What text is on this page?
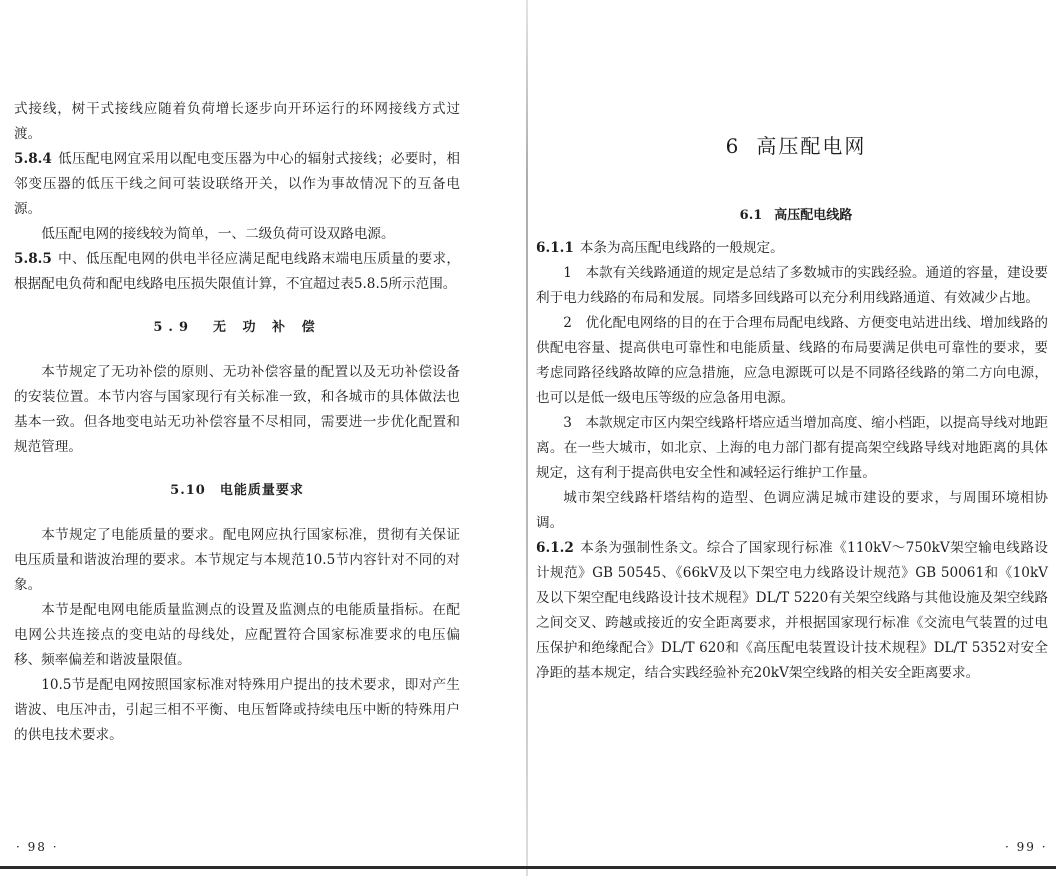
式接线，树干式接线应随着负荷增长逐步向开环运行的环网接线方式过渡。

5.8.4 低压配电网宜采用以配电变压器为中心的辐射式接线；必要时，相邻变压器的低压干线之间可装设联络开关，以作为事故情况下的互备电源。

低压配电网的接线较为简单，一、二级负荷可设双路电源。

5.8.5 中、低压配电网的供电半径应满足配电线路末端电压质量的要求，根据配电负荷和配电线路电压损失限值计算，不宜超过表5.8.5所示范围。

5.9　无 功 补 偿

本节规定了无功补偿的原则、无功补偿容量的配置以及无功补偿设备的安装位置。本节内容与国家现行有关标准一致，和各城市的具体做法也基本一致。但各地变电站无功补偿容量不尽相同，需要进一步优化配置和规范管理。

5.10　电能质量要求

本节规定了电能质量的要求。配电网应执行国家标准，贯彻有关保证电压质量和谐波治理的要求。本节规定与本规范10.5节内容针对不同的对象。

本节是配电网电能质量监测点的设置及监测点的电能质量指标。在配电网公共连接点的变电站的母线处，应配置符合国家标准要求的电压偏移、频率偏差和谐波量限值。

10.5节是配电网按照国家标准对特殊用户提出的技术要求，即对产生谐波、电压冲击，引起三相不平衡、电压暂降或持续电压中断的特殊用户的供电技术要求。

· 98 ·
6 高压配电网
6.1 高压配电线路

6.1.1 本条为高压配电线路的一般规定。

1　本款有关线路通道的规定是总结了多数城市的实践经验。通道的容量，建设要利于电力线路的布局和发展。同塔多回线路可以充分利用线路通道、有效减少占地。

2　优化配电网络的目的在于合理布局配电线路、方便变电站进出线、增加线路的供配电容量、提高供电可靠性和电能质量、线路的布局要满足供电可靠性的要求，要考虑同路径线路故障的应急措施，应急电源既可以是不同路径线路的第二方向电源，也可以是低一级电压等级的应急备用电源。

3　本款规定市区内架空线路杆塔应适当增加高度、缩小档距，以提高导线对地距离。在一些大城市，如北京、上海的电力部门都有提高架空线路导线对地距离的具体规定，这有利于提高供电安全性和减轻运行维护工作量。

城市架空线路杆塔结构的造型、色调应满足城市建设的要求，与周围环境相协调。

6.1.2 本条为强制性条文。综合了国家现行标准《110kV～750kV架空输电线路设计规范》GB 50545、《66kV及以下架空电力线路设计规范》GB 50061和《10kV及以下架空配电线路设计技术规程》DL/T 5220有关架空线路与其他设施及架空线路之间交叉、跨越或接近的安全距离要求，并根据国家现行标准《交流电气装置的过电压保护和绝缘配合》DL/T 620和《高压配电装置设计技术规程》DL/T 5352对安全净距的基本规定，结合实践经验补充20kV架空线路的相关安全距离要求。

· 99 ·
